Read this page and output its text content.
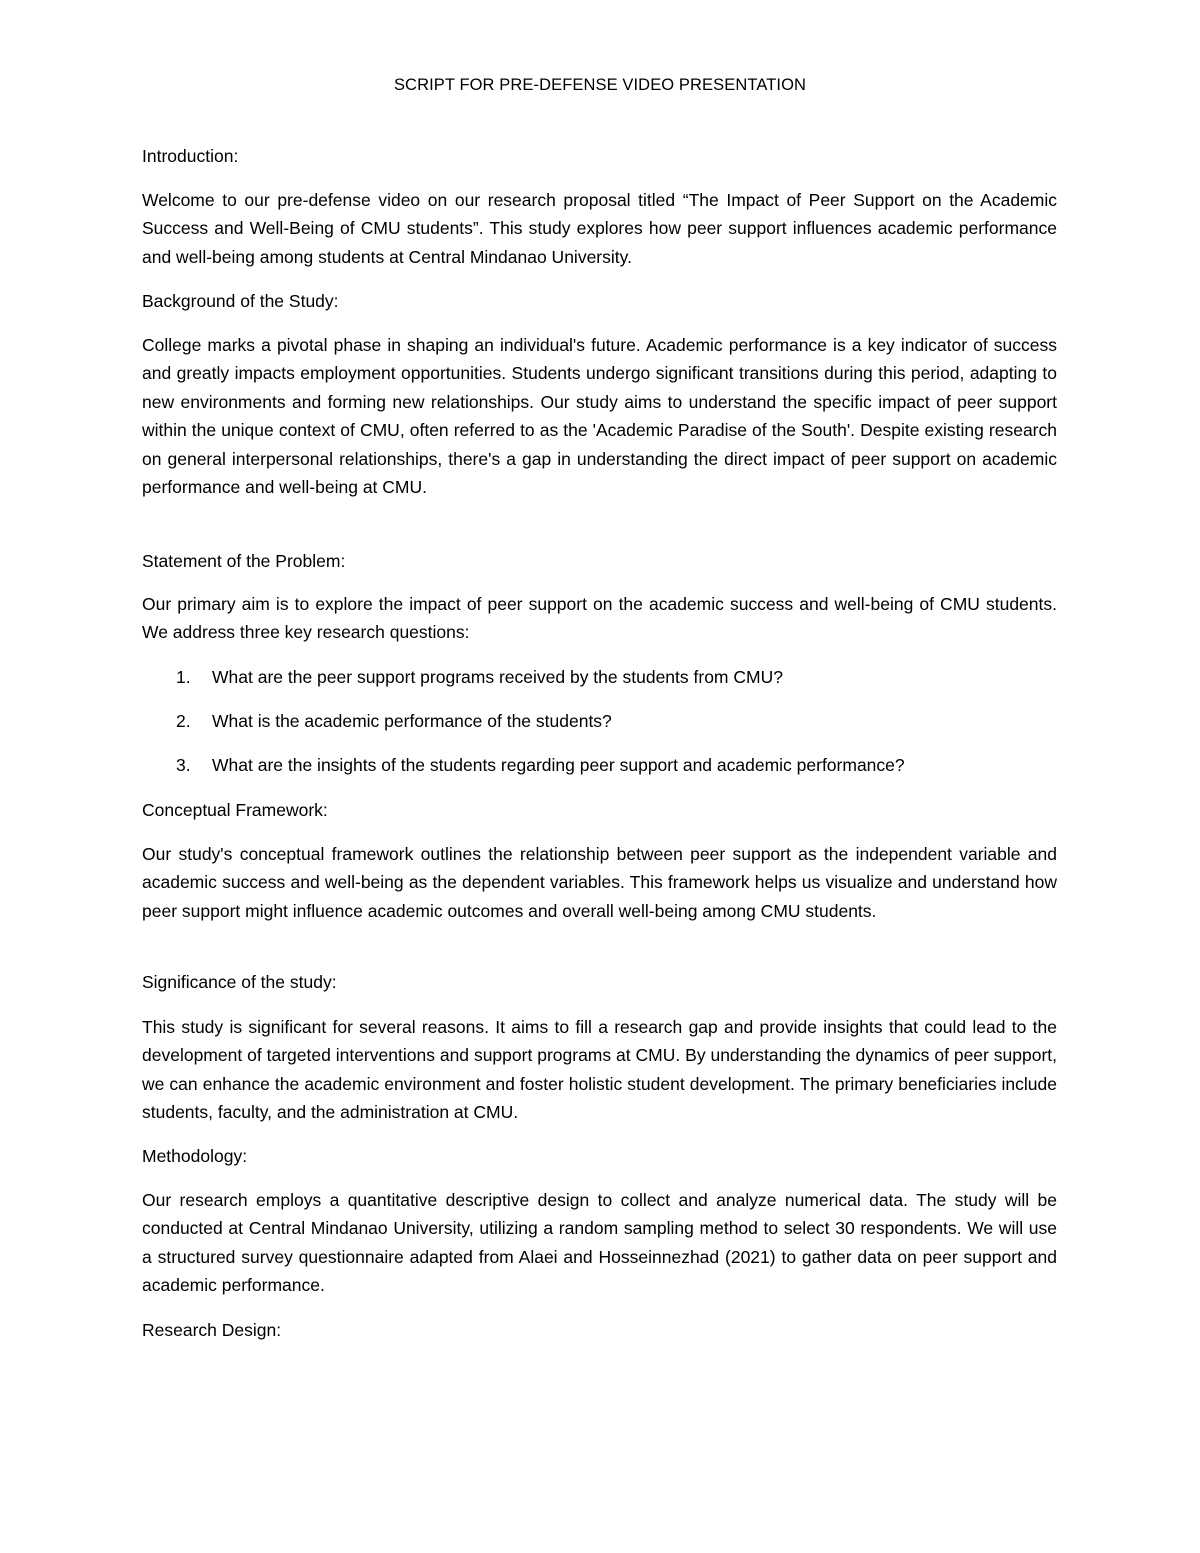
SCRIPT FOR PRE-DEFENSE VIDEO PRESENTATION
Introduction:

Welcome to our pre-defense video on our research proposal titled “The Impact of Peer Support on the Academic Success and Well-Being of CMU students”. This study explores how peer support influences academic performance and well-being among students at Central Mindanao University.

Background of the Study:

College marks a pivotal phase in shaping an individual's future. Academic performance is a key indicator of success and greatly impacts employment opportunities. Students undergo significant transitions during this period, adapting to new environments and forming new relationships. Our study aims to understand the specific impact of peer support within the unique context of CMU, often referred to as the 'Academic Paradise of the South'. Despite existing research on general interpersonal relationships, there's a gap in understanding the direct impact of peer support on academic performance and well-being at CMU.

Statement of the Problem:

Our primary aim is to explore the impact of peer support on the academic success and well-being of CMU students. We address three key research questions:

1. What are the peer support programs received by the students from CMU?
2. What is the academic performance of the students?
3. What are the insights of the students regarding peer support and academic performance?
Conceptual Framework:

Our study's conceptual framework outlines the relationship between peer support as the independent variable and academic success and well-being as the dependent variables. This framework helps us visualize and understand how peer support might influence academic outcomes and overall well-being among CMU students.

Significance of the study:

This study is significant for several reasons. It aims to fill a research gap and provide insights that could lead to the development of targeted interventions and support programs at CMU. By understanding the dynamics of peer support, we can enhance the academic environment and foster holistic student development. The primary beneficiaries include students, faculty, and the administration at CMU.

Methodology:

Our research employs a quantitative descriptive design to collect and analyze numerical data. The study will be conducted at Central Mindanao University, utilizing a random sampling method to select 30 respondents. We will use a structured survey questionnaire adapted from Alaei and Hosseinnezhad (2021) to gather data on peer support and academic performance.

Research Design:
